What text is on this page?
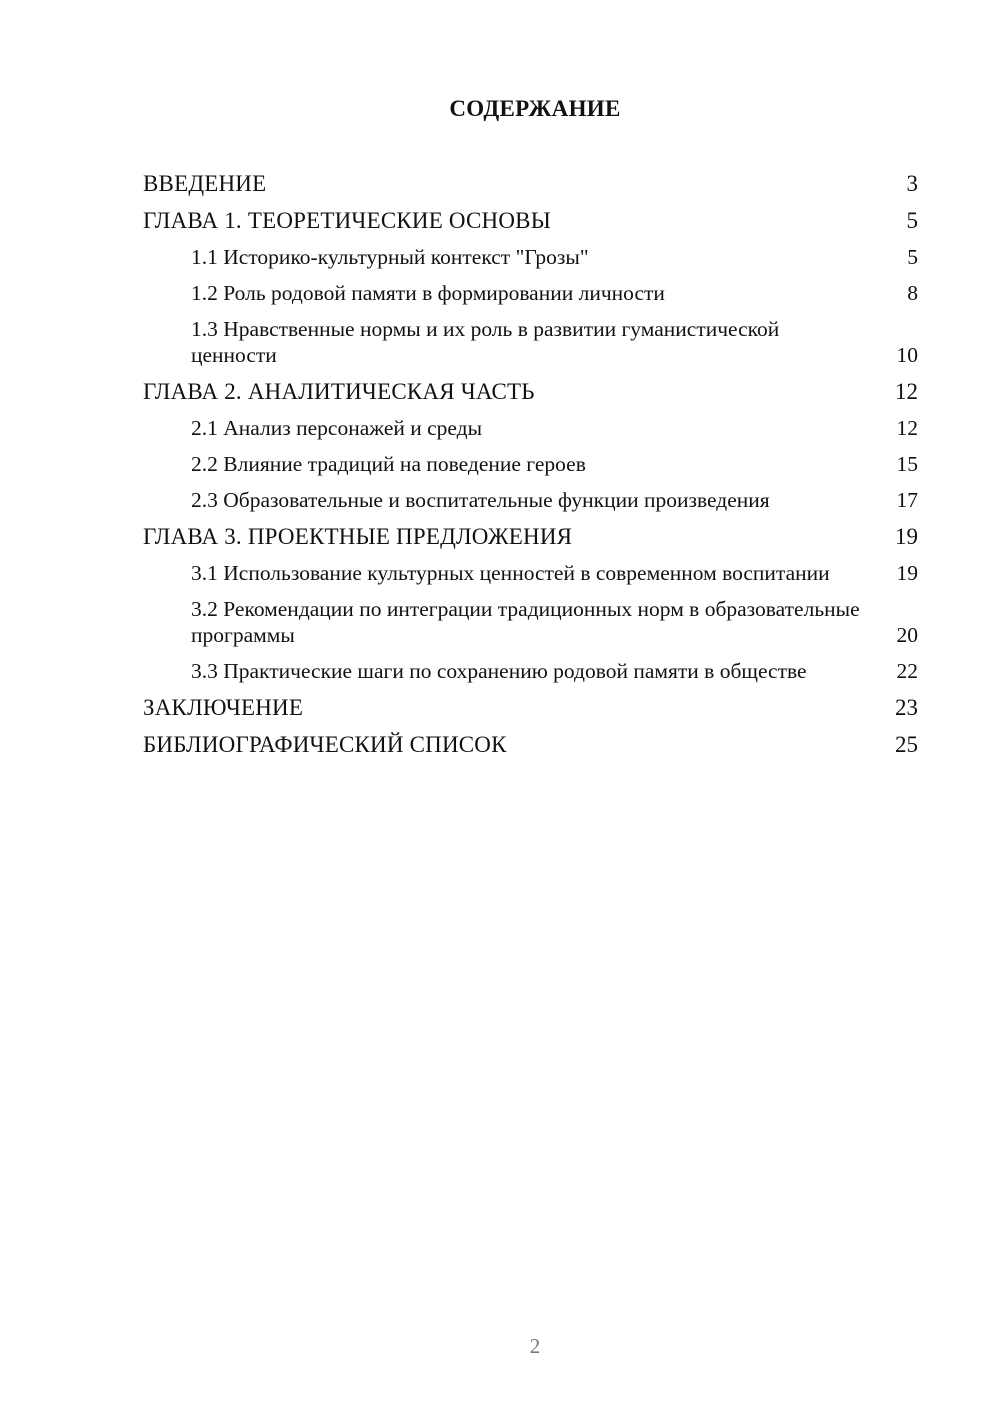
СОДЕРЖАНИЕ
ВВЕДЕНИЕ	3
ГЛАВА 1. ТЕОРЕТИЧЕСКИЕ ОСНОВЫ	5
1.1 Историко-культурный контекст "Грозы"	5
1.2 Роль родовой памяти в формировании личности	8
1.3 Нравственные нормы и их роль в развитии гуманистической ценности	10
ГЛАВА 2. АНАЛИТИЧЕСКАЯ ЧАСТЬ	12
2.1 Анализ персонажей и среды	12
2.2 Влияние традиций на поведение героев	15
2.3 Образовательные и воспитательные функции произведения	17
ГЛАВА 3. ПРОЕКТНЫЕ ПРЕДЛОЖЕНИЯ	19
3.1 Использование культурных ценностей в современном воспитании	19
3.2 Рекомендации по интеграции традиционных норм в образовательные программы	20
3.3 Практические шаги по сохранению родовой памяти в обществе	22
ЗАКЛЮЧЕНИЕ	23
БИБЛИОГРАФИЧЕСКИЙ СПИСОК	25
2
